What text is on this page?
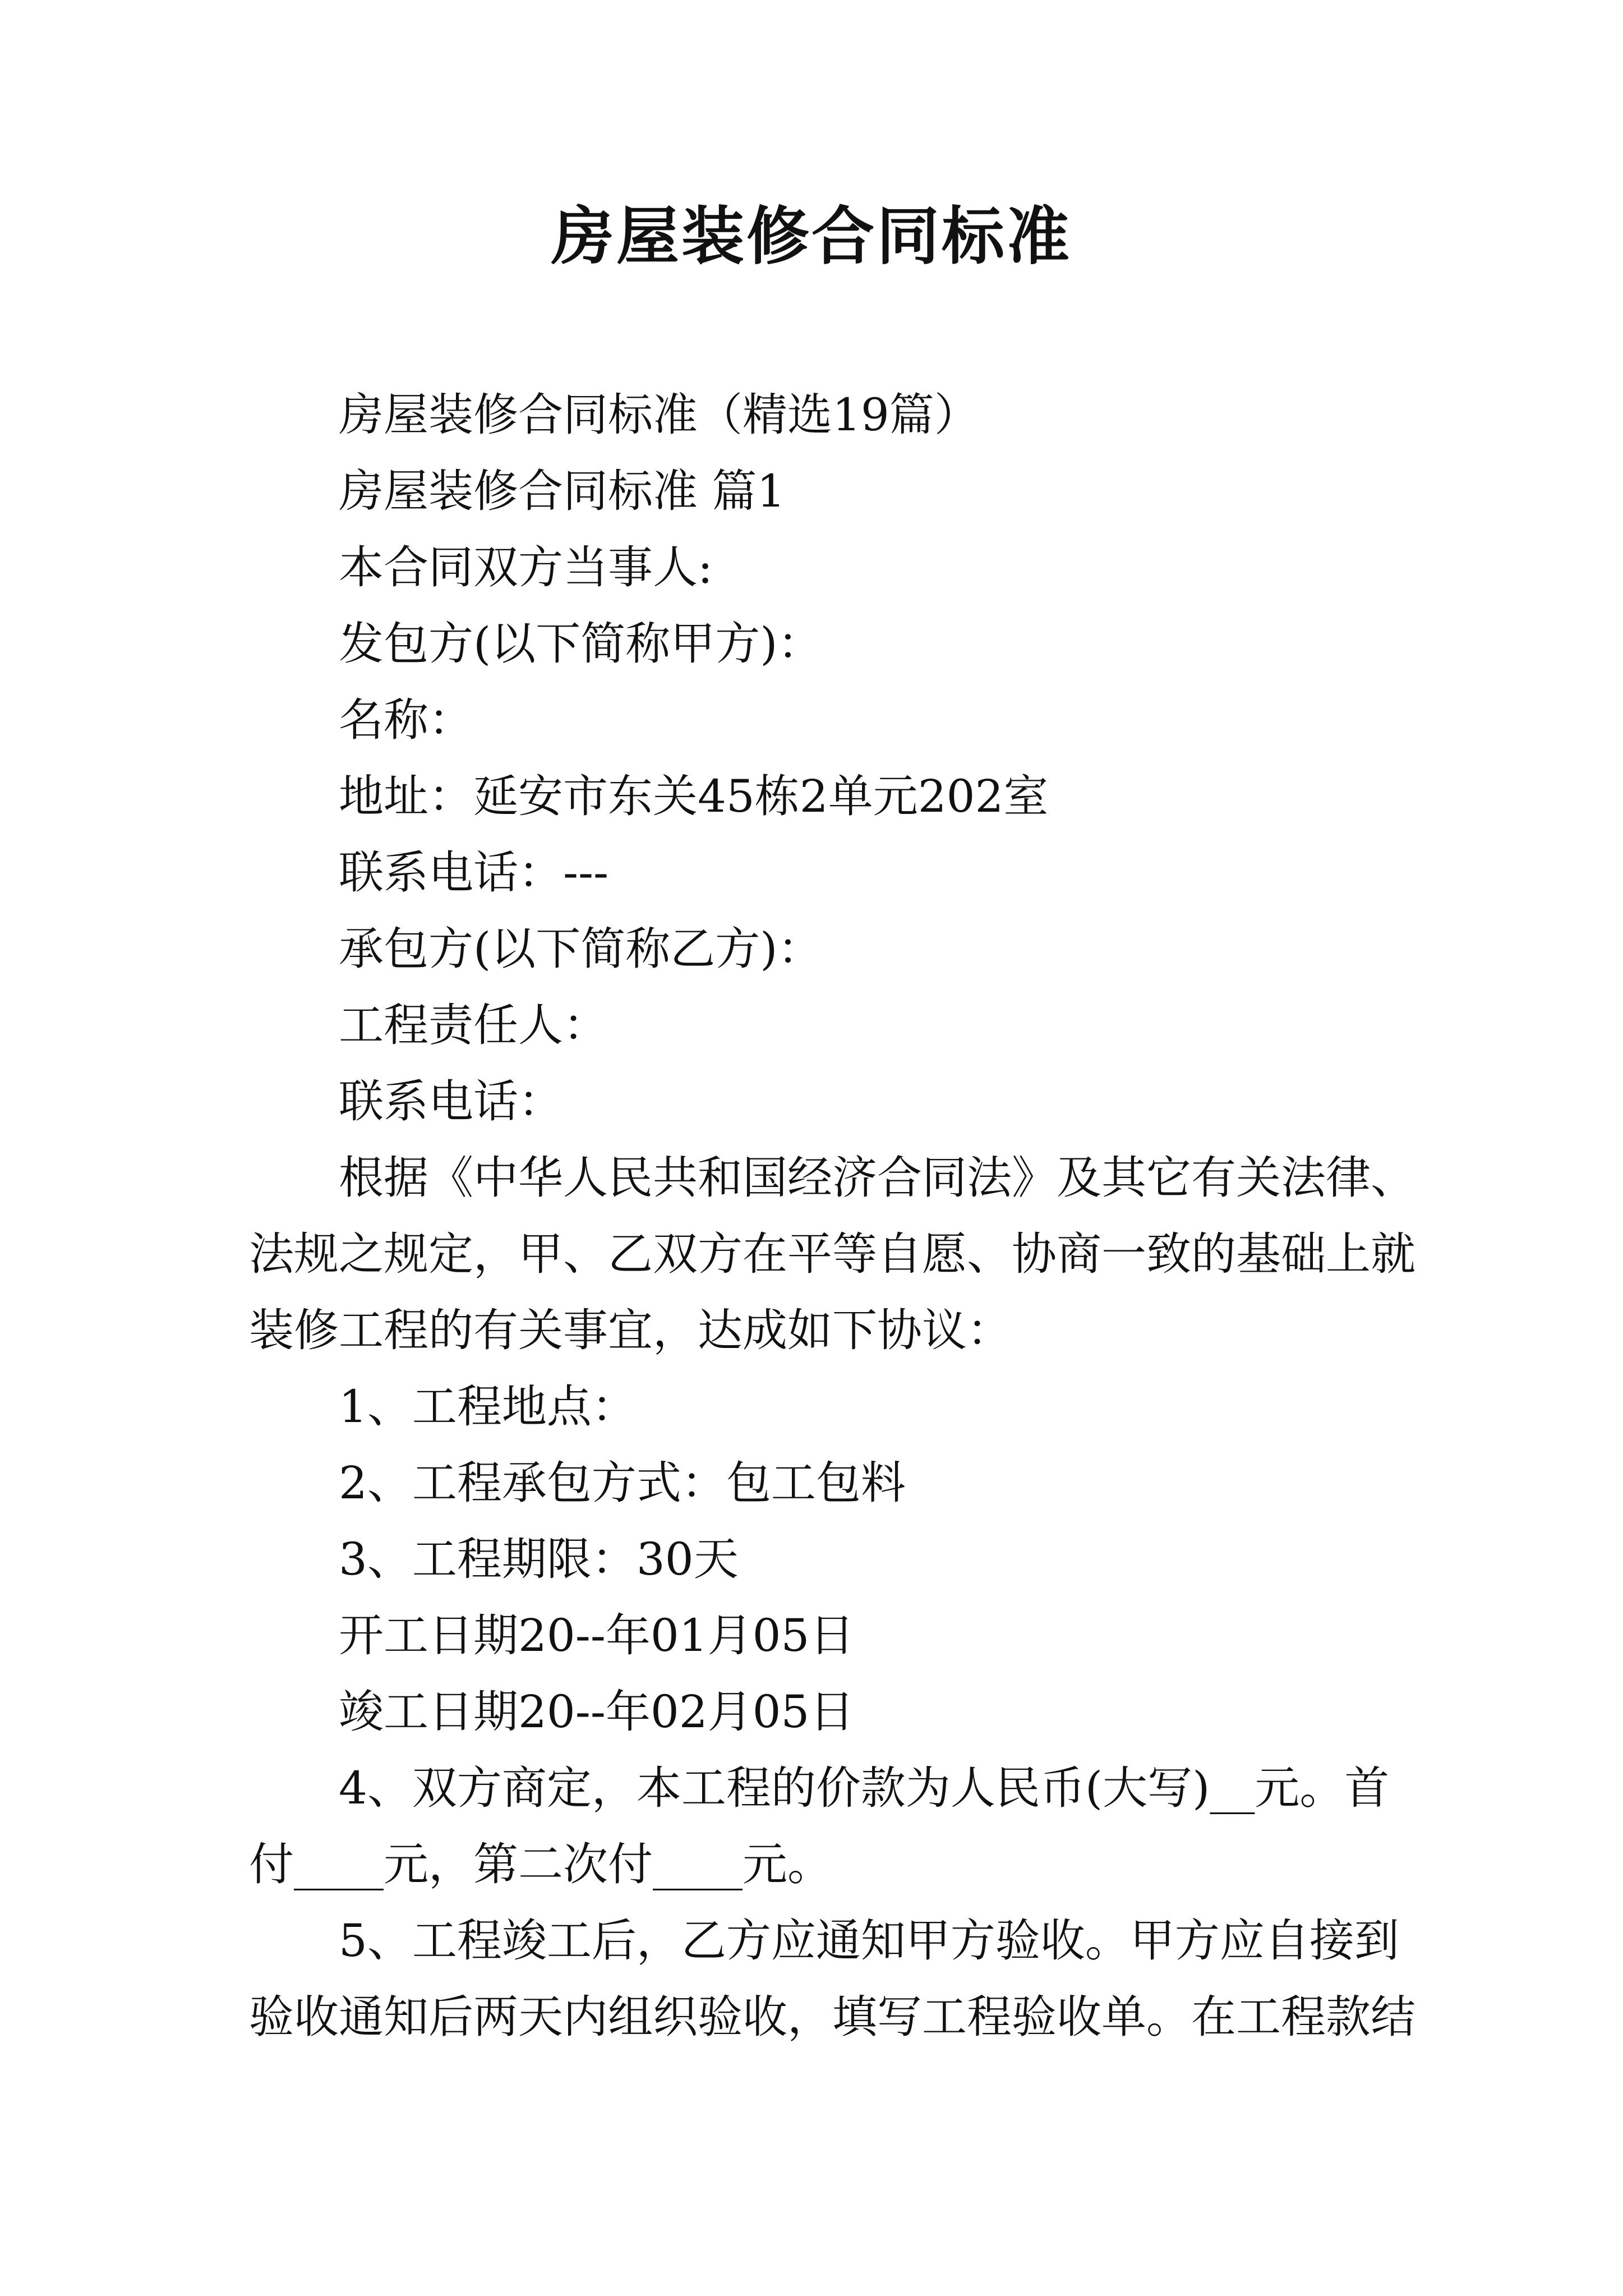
房屋装修合同标准
房屋装修合同标准（精选19篇）
房屋装修合同标准 篇1
本合同双方当事人:
发包方(以下简称甲方)：
名称：
地址：延安市东关45栋2单元202室
联系电话：---
承包方(以下简称乙方)：
工程责任人：
联系电话：
根据《中华人民共和国经济合同法》及其它有关法律、
法规之规定，甲、乙双方在平等自愿、协商一致的基础上就
装修工程的有关事宜，达成如下协议：
1、工程地点：
2、工程承包方式：包工包料
3、工程期限：30天
开工日期20--年01月05日
竣工日期20--年02月05日
4、双方商定，本工程的价款为人民币(大写)__元。首
付____元，第二次付____元。
5、工程竣工后，乙方应通知甲方验收。甲方应自接到
验收通知后两天内组织验收，填写工程验收单。在工程款结
